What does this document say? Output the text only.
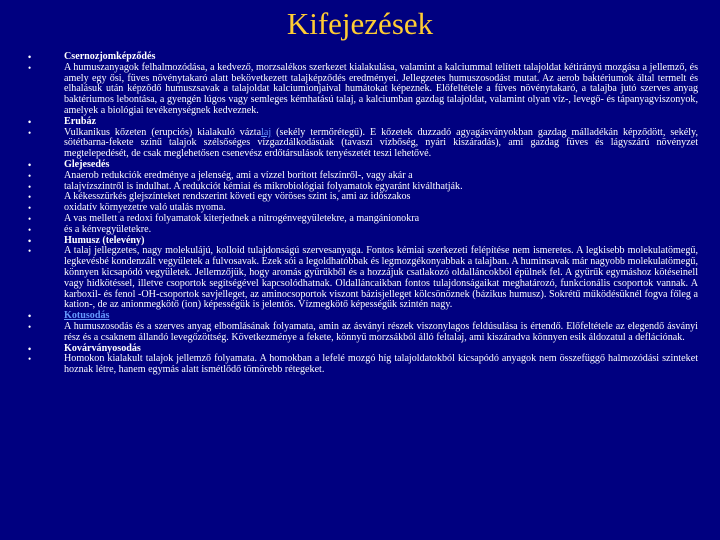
Kifejezések
• Csernozjomképződés
• A humuszanyagok felhalmozódása, a kedvező, morzsalékos szerkezet kialakulása, valamint a kalciummal telített talajoldat kétirányú mozgása a jellemző, és amely egy ősi, füves növénytakaró alatt bekövetkezett talajképződés eredményei. Jellegzetes humuszosodást mutat. Az aerob baktériumok által termelt és elhalásuk után képződő humuszsavak a talajoldat kalciumionjaival humátokat képeznek. Előfeltétele a füves növénytakaró, a talajba jutó szerves anyag baktériumos lebontása, a gyengén lúgos vagy semleges kémhatású talaj, a kalciumban gazdag talajoldat, valamint olyan víz-, levegő- és tápanyagviszonyok, amelyek a biológiai tevékenységnek kedveznek.
• Erubáz
• Vulkanikus kőzeten (erupciós) kialakuló váztalaj (sekély termőrétegű). E kőzetek duzzadó agyagásványokban gazdag málladékán képződött, sekély, sötétbarna-fekete színű talajok szélsőséges vízgazdálkodásúak (tavaszi vízbőség, nyári kiszáradás), ami gazdag füves és lágyszárú növényzet megtelepedését, de csak meglehetősen csenevész erdőtársulások tenyészetét teszi lehetővé.
• Glejesedés
• Anaerob redukciók eredménye a jelenség, ami a vízzel borított felszínről-, vagy akár a
• talajvízszintről is indulhat. A redukciót kémiai és mikrobiológiai folyamatok egyaránt kiválthatják.
• A kékesszürkés glejszínteket rendszerint követi egy vöröses szint is, ami az időszakos
• oxidatív környezetre való utalás nyoma.
• A vas mellett a redoxi folyamatok kiterjednek a nitrogénvegyületekre, a mangánionokra
• és a kénvegyületekre.
• Humusz (televény)
• A talaj jellegzetes, nagy molekulájú, kolloid tulajdonságú szervesanyaga. Fontos kémiai szerkezeti felépítése nem ismeretes. A legkisebb molekulatömegű, legkevésbé kondenzált vegyületek a fulvosavak. Ezek sói a legoldhatóbbak és legmozgékonyabbak a talajban. A huminsavak már nagyobb molekulatömegű, könnyen kicsapódó vegyületek. Jellemzőjük, hogy aromás gyűrűkből és a hozzájuk csatlakozó oldalláncokból épülnek fel. A gyűrűk egymáshoz kötéseinell vagy hidkötéssel, illetve csoportok segítségével kapcsolódhatnak. Oldalláncaikban fontos tulajdonságaikat meghatározó, funkcionális csoportok vannak. A karboxil- és fenol -OH-csoportok savjelleget, az aminocsoportok viszont bázisjelleget kölcsönöznek (bázikus humusz). Sokrétű működésüknél fogva főleg a kation-, de az anionmegkötő (ion) képességük is jelentős. Vízmegkötő képességük szintén nagy.
• Kotusodás
• A humuszosodás és a szerves anyag elbomlásának folyamata, amin az ásványi részek viszonylagos feldúsulása is értendő. Előfeltétele az elegendő ásványi rész és a csaknem állandó levegőzöttség. Következménye a fekete, könnyű morzsákból álló feltalaj, ami kiszáradva könnyen esik áldozatul a deflációnak.
• Kovárványosodás
• Homokon kialakult talajok jellemző folyamata. A homokban a lefelé mozgó híg talajoldatokból kicsapódó anyagok nem összefüggő halmozódási szinteket hoznak létre, hanem egymás alatt ismétlődő tömörebb rétegeket.
